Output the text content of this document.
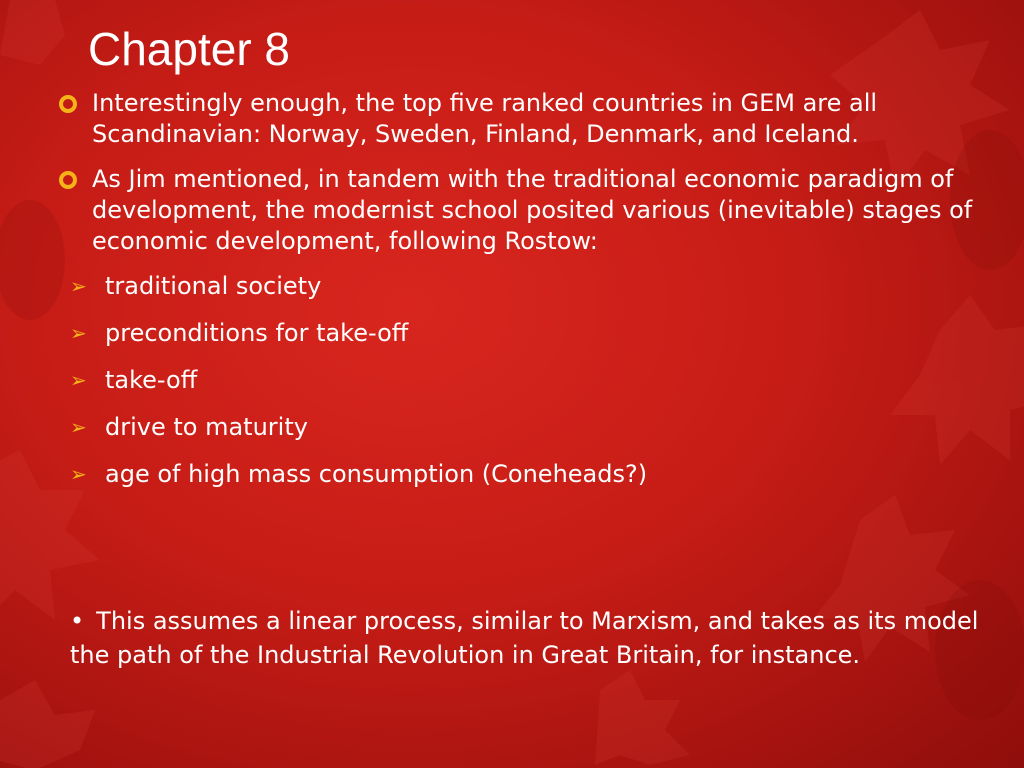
Chapter 8
Interestingly enough, the top five ranked countries in GEM are all Scandinavian: Norway, Sweden, Finland, Denmark, and Iceland.
As Jim mentioned, in tandem with the traditional economic paradigm of development, the modernist school posited various (inevitable) stages of economic development, following Rostow:
➢ traditional society
➢ preconditions for take-off
➢ take-off
➢ drive to maturity
➢ age of high mass consumption (Coneheads?)
• This assumes a linear process, similar to Marxism, and takes as its model the path of the Industrial Revolution in Great Britain, for instance.
